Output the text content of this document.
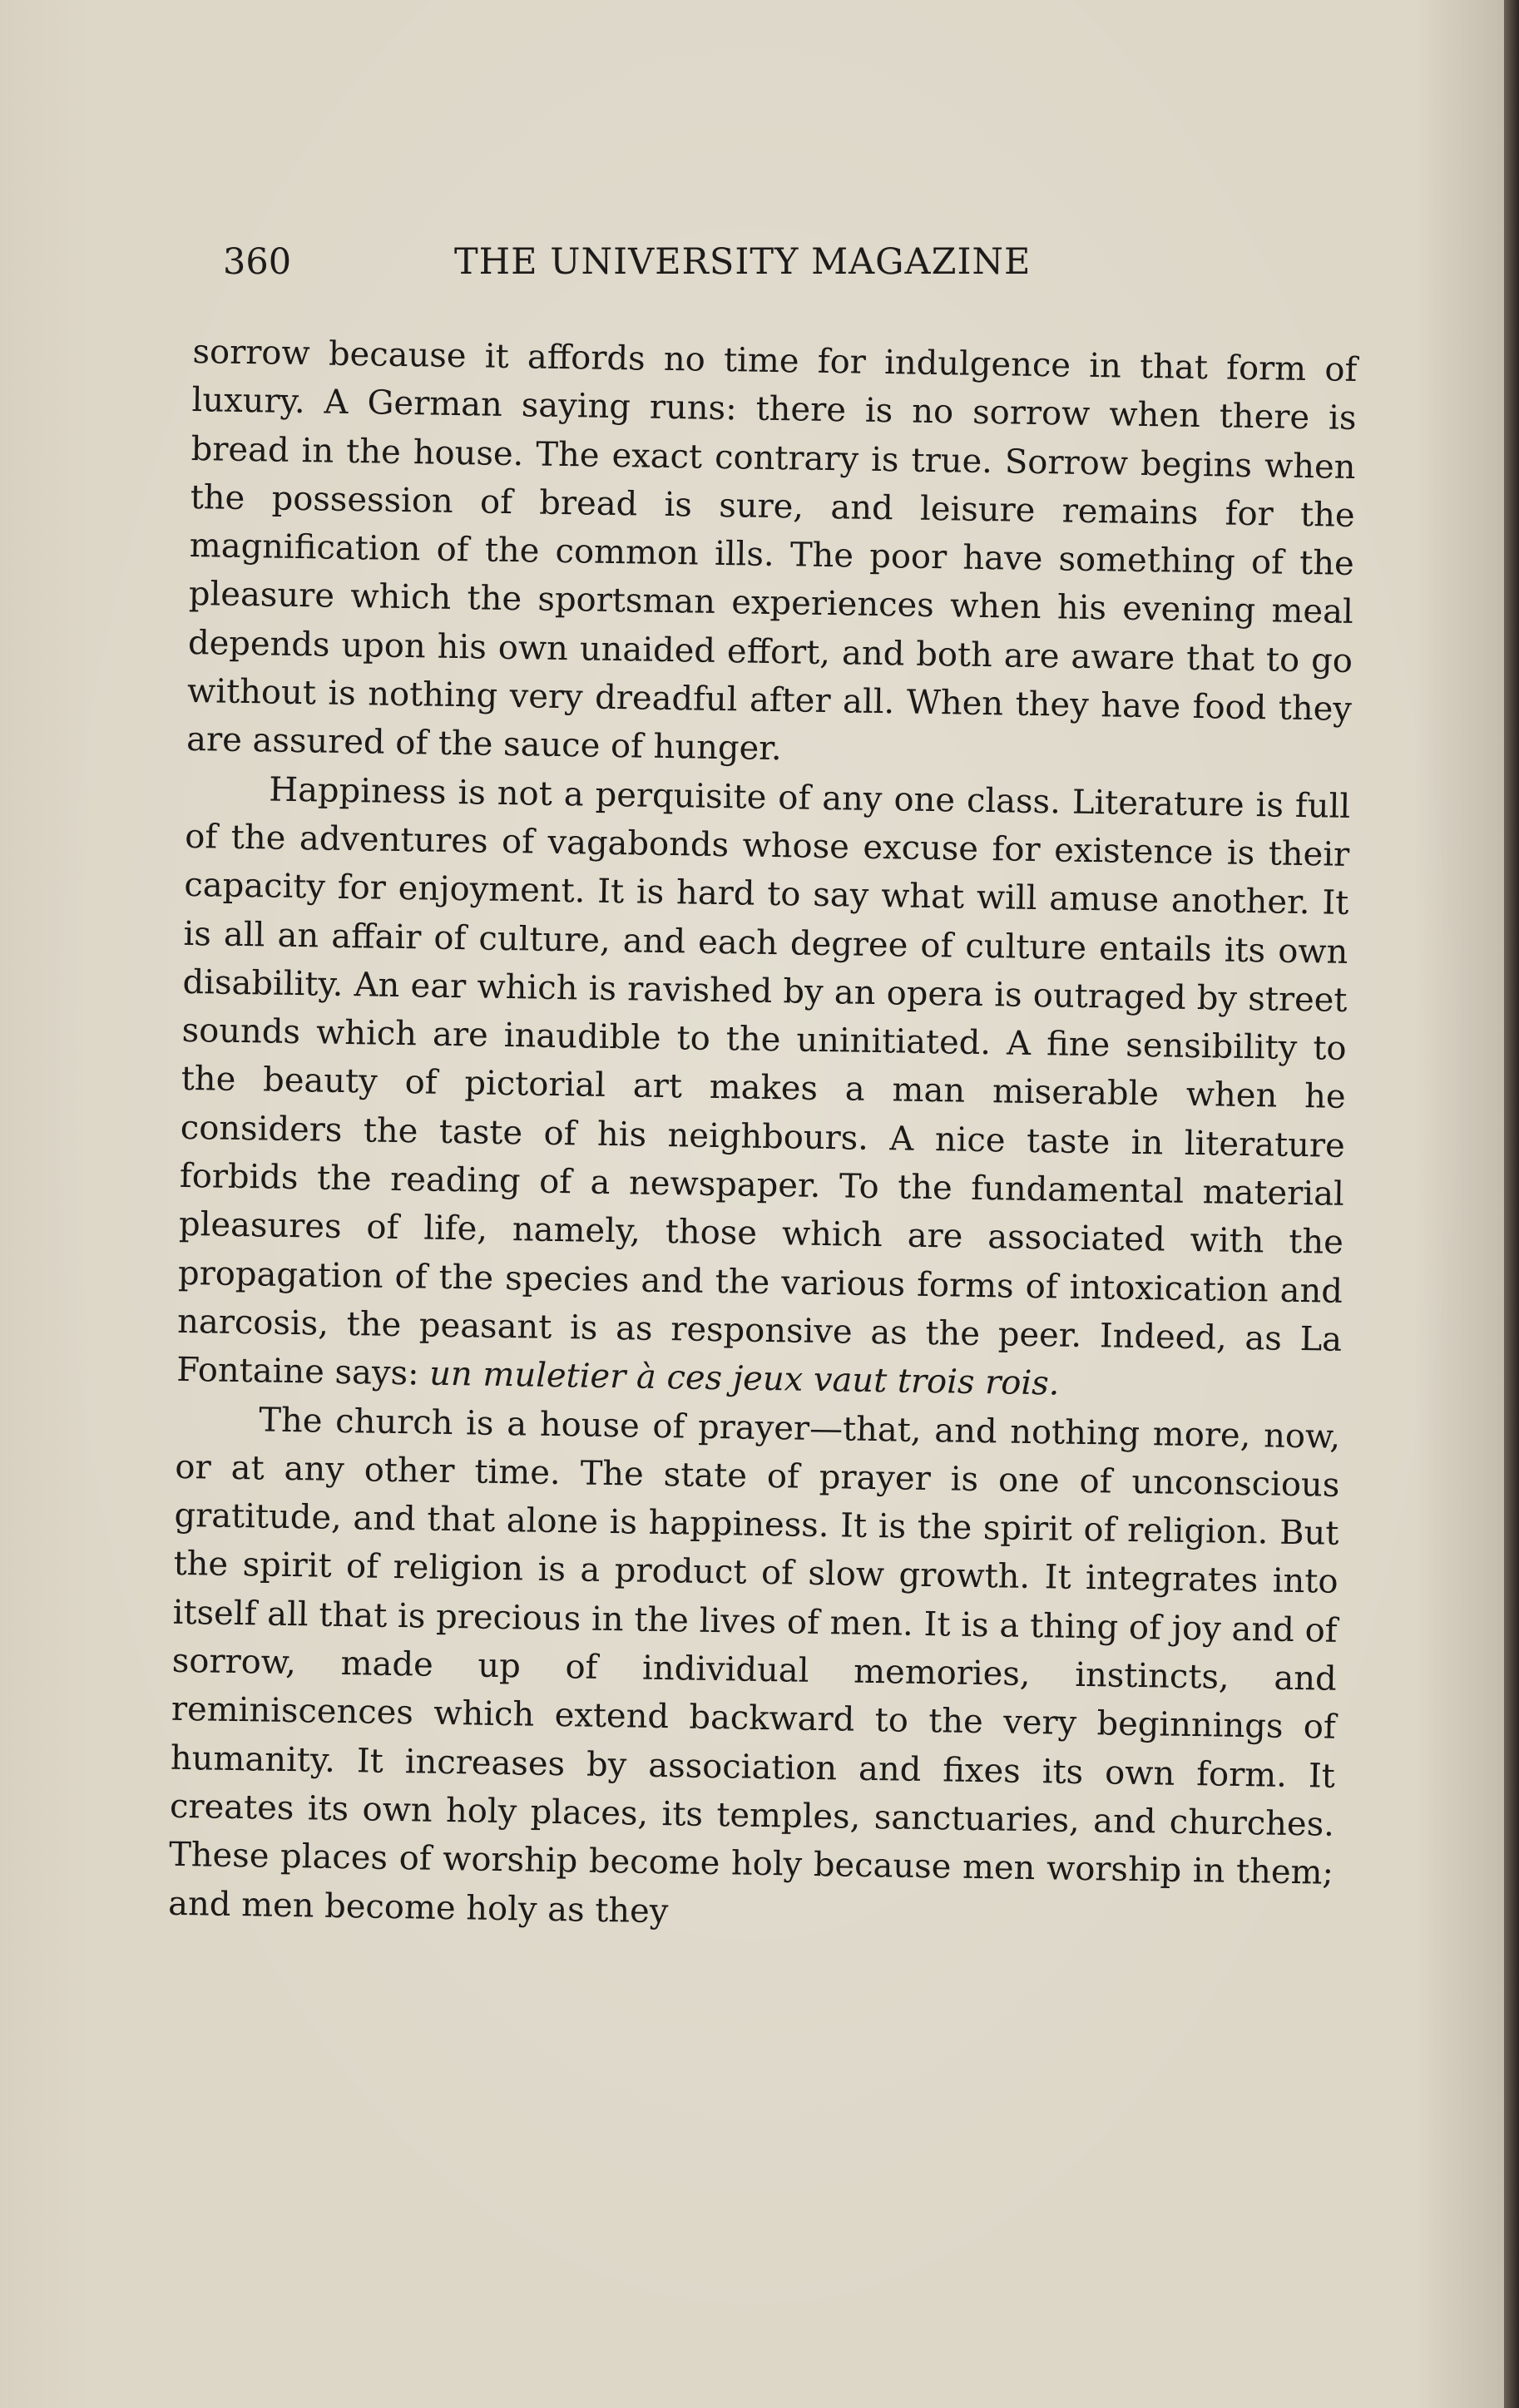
360	THE UNIVERSITY MAGAZINE

sorrow because it affords no time for indulgence in that form of luxury. A German saying runs: there is no sorrow when there is bread in the house. The exact contrary is true. Sorrow begins when the possession of bread is sure, and leisure remains for the magnification of the common ills. The poor have something of the pleasure which the sportsman experiences when his evening meal depends upon his own unaided effort, and both are aware that to go without is nothing very dreadful after all. When they have food they are assured of the sauce of hunger.

Happiness is not a perquisite of any one class. Literature is full of the adventures of vagabonds whose excuse for existence is their capacity for enjoyment. It is hard to say what will amuse another. It is all an affair of culture, and each degree of culture entails its own disability. An ear which is ravished by an opera is outraged by street sounds which are inaudible to the uninitiated. A fine sensibility to the beauty of pictorial art makes a man miserable when he considers the taste of his neighbours. A nice taste in literature forbids the reading of a newspaper. To the fundamental material pleasures of life, namely, those which are associated with the propagation of the species and the various forms of intoxication and narcosis, the peasant is as responsive as the peer. Indeed, as La Fontaine says: un muletier à ces jeux vaut trois rois.

The church is a house of prayer—that, and nothing more, now, or at any other time. The state of prayer is one of unconscious gratitude, and that alone is happiness. It is the spirit of religion. But the spirit of religion is a product of slow growth. It integrates into itself all that is precious in the lives of men. It is a thing of joy and of sorrow, made up of individual memories, instincts, and reminiscences which extend backward to the very beginnings of humanity. It increases by association and fixes its own form. It creates its own holy places, its temples, sanctuaries, and churches. These places of worship become holy because men worship in them; and men become holy as they
